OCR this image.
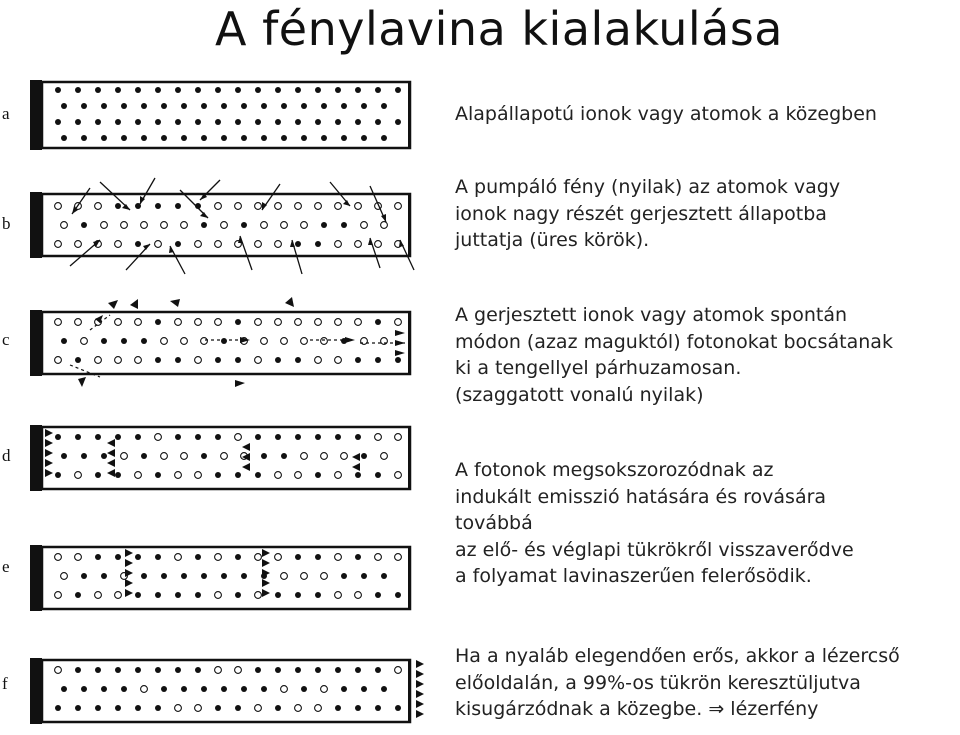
A fénylavina kialakulása
a
b
c
d
e
f
Alapállapotú ionok vagy atomok a közegben
A pumpáló fény (nyilak) az atomok vagy
ionok nagy részét gerjesztett állapotba
juttatja (üres körök).
A gerjesztett ionok vagy atomok spontán
módon (azaz maguktól) fotonokat bocsátanak
ki a tengellyel párhuzamosan.
(szaggatott vonalú nyilak)
A fotonok megsokszorozódnak az
indukált emisszió hatására és rovására
továbbá
az elő- és véglapi tükrökről visszaverődve
a folyamat lavinaszerűen felerősödik.
Ha a nyaláb elegendően erős, akkor a lézercső
előoldalán, a 99%-os tükrön keresztüljutva
kisugárzódnak a közegbe. ⇒ lézerfény
